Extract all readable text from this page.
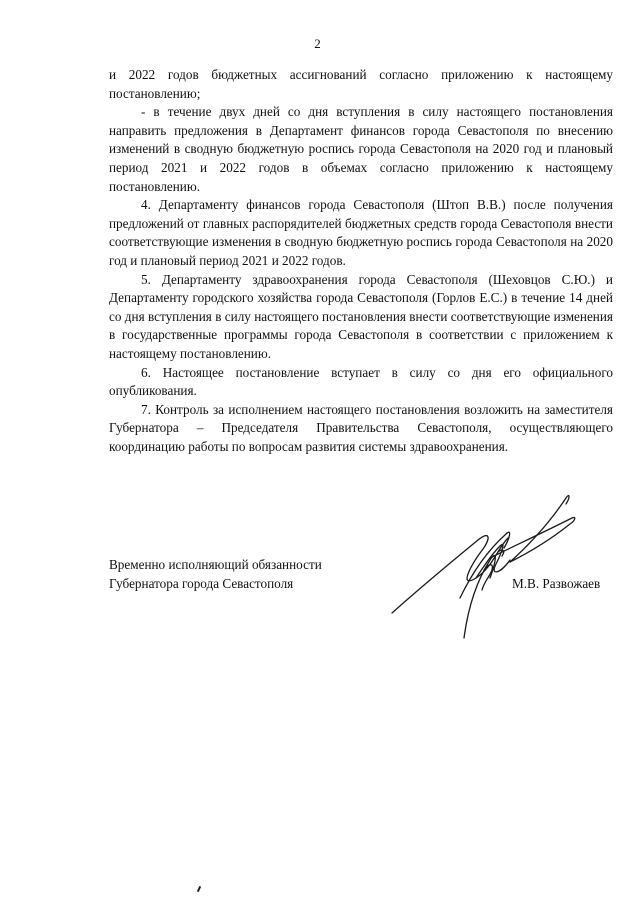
2

и 2022 годов бюджетных ассигнований согласно приложению к настоящему постановлению;

- в течение двух дней со дня вступления в силу настоящего постановления направить предложения в Департамент финансов города Севастополя по внесению изменений в сводную бюджетную роспись города Севастополя на 2020 год и плановый период 2021 и 2022 годов в объемах согласно приложению к настоящему постановлению.

4. Департаменту финансов города Севастополя (Штоп В.В.) после получения предложений от главных распорядителей бюджетных средств города Севастополя внести соответствующие изменения в сводную бюджетную роспись города Севастополя на 2020 год и плановый период 2021 и 2022 годов.

5. Департаменту здравоохранения города Севастополя (Шеховцов С.Ю.) и Департаменту городского хозяйства города Севастополя (Горлов Е.С.) в течение 14 дней со дня вступления в силу настоящего постановления внести соответствующие изменения в государственные программы города Севастополя в соответствии с приложением к настоящему постановлению.

6. Настоящее постановление вступает в силу со дня его официального опубликования.

7. Контроль за исполнением настоящего постановления возложить на заместителя Губернатора – Председателя Правительства Севастополя, осуществляющего координацию работы по вопросам развития системы здравоохранения.

Временно исполняющий обязанности

Губернатора города Севастополя	М.В. Развожаев
